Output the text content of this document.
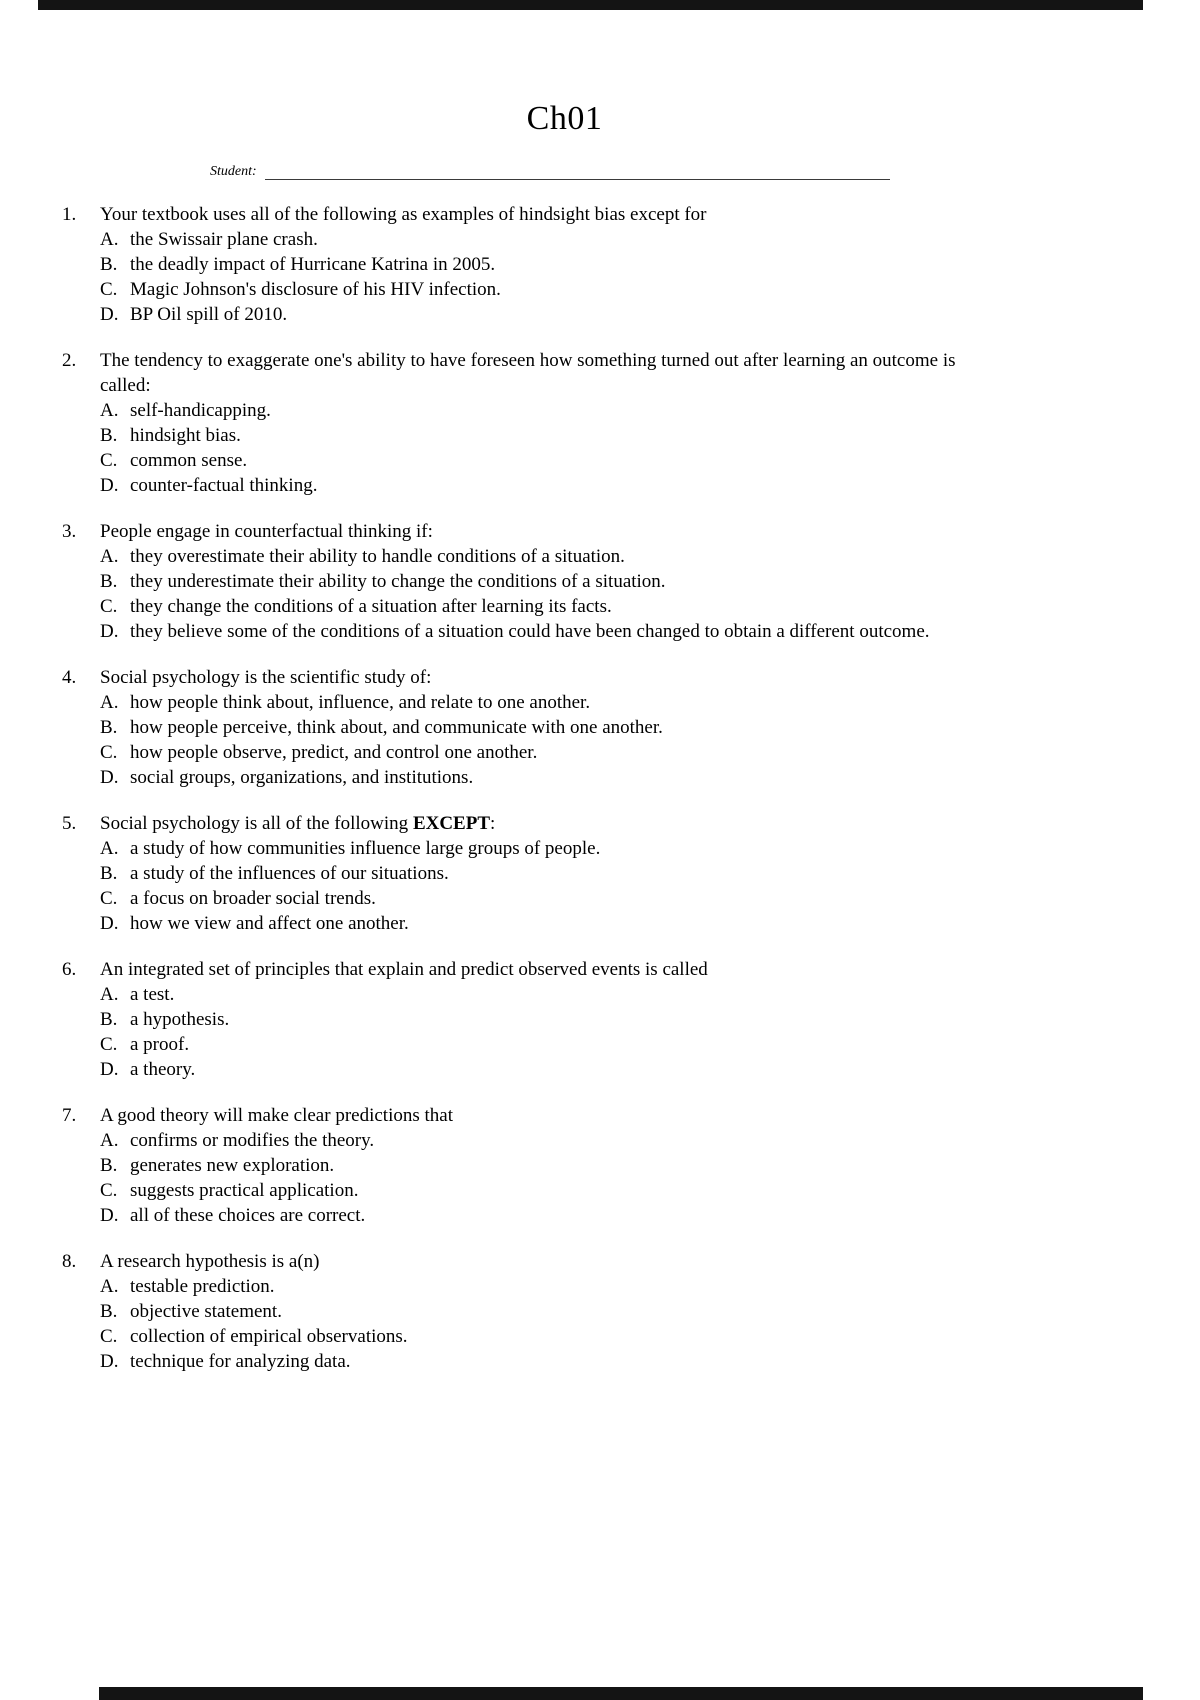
Ch01
Student:
1.	Your textbook uses all of the following as examples of hindsight bias except for
A. the Swissair plane crash.
B. the deadly impact of Hurricane Katrina in 2005.
C. Magic Johnson's disclosure of his HIV infection.
D. BP Oil spill of 2010.
2.	The tendency to exaggerate one's ability to have foreseen how something turned out after learning an outcome is called:
A. self-handicapping.
B. hindsight bias.
C. common sense.
D. counter-factual thinking.
3.	People engage in counterfactual thinking if:
A. they overestimate their ability to handle conditions of a situation.
B. they underestimate their ability to change the conditions of a situation.
C. they change the conditions of a situation after learning its facts.
D. they believe some of the conditions of a situation could have been changed to obtain a different outcome.
4.	Social psychology is the scientific study of:
A. how people think about, influence, and relate to one another.
B. how people perceive, think about, and communicate with one another.
C. how people observe, predict, and control one another.
D. social groups, organizations, and institutions.
5.	Social psychology is all of the following EXCEPT:
A. a study of how communities influence large groups of people.
B. a study of the influences of our situations.
C. a focus on broader social trends.
D. how we view and affect one another.
6.	An integrated set of principles that explain and predict observed events is called
A. a test.
B. a hypothesis.
C. a proof.
D. a theory.
7.	A good theory will make clear predictions that
A. confirms or modifies the theory.
B. generates new exploration.
C. suggests practical application.
D. all of these choices are correct.
8.	A research hypothesis is a(n)
A. testable prediction.
B. objective statement.
C. collection of empirical observations.
D. technique for analyzing data.
